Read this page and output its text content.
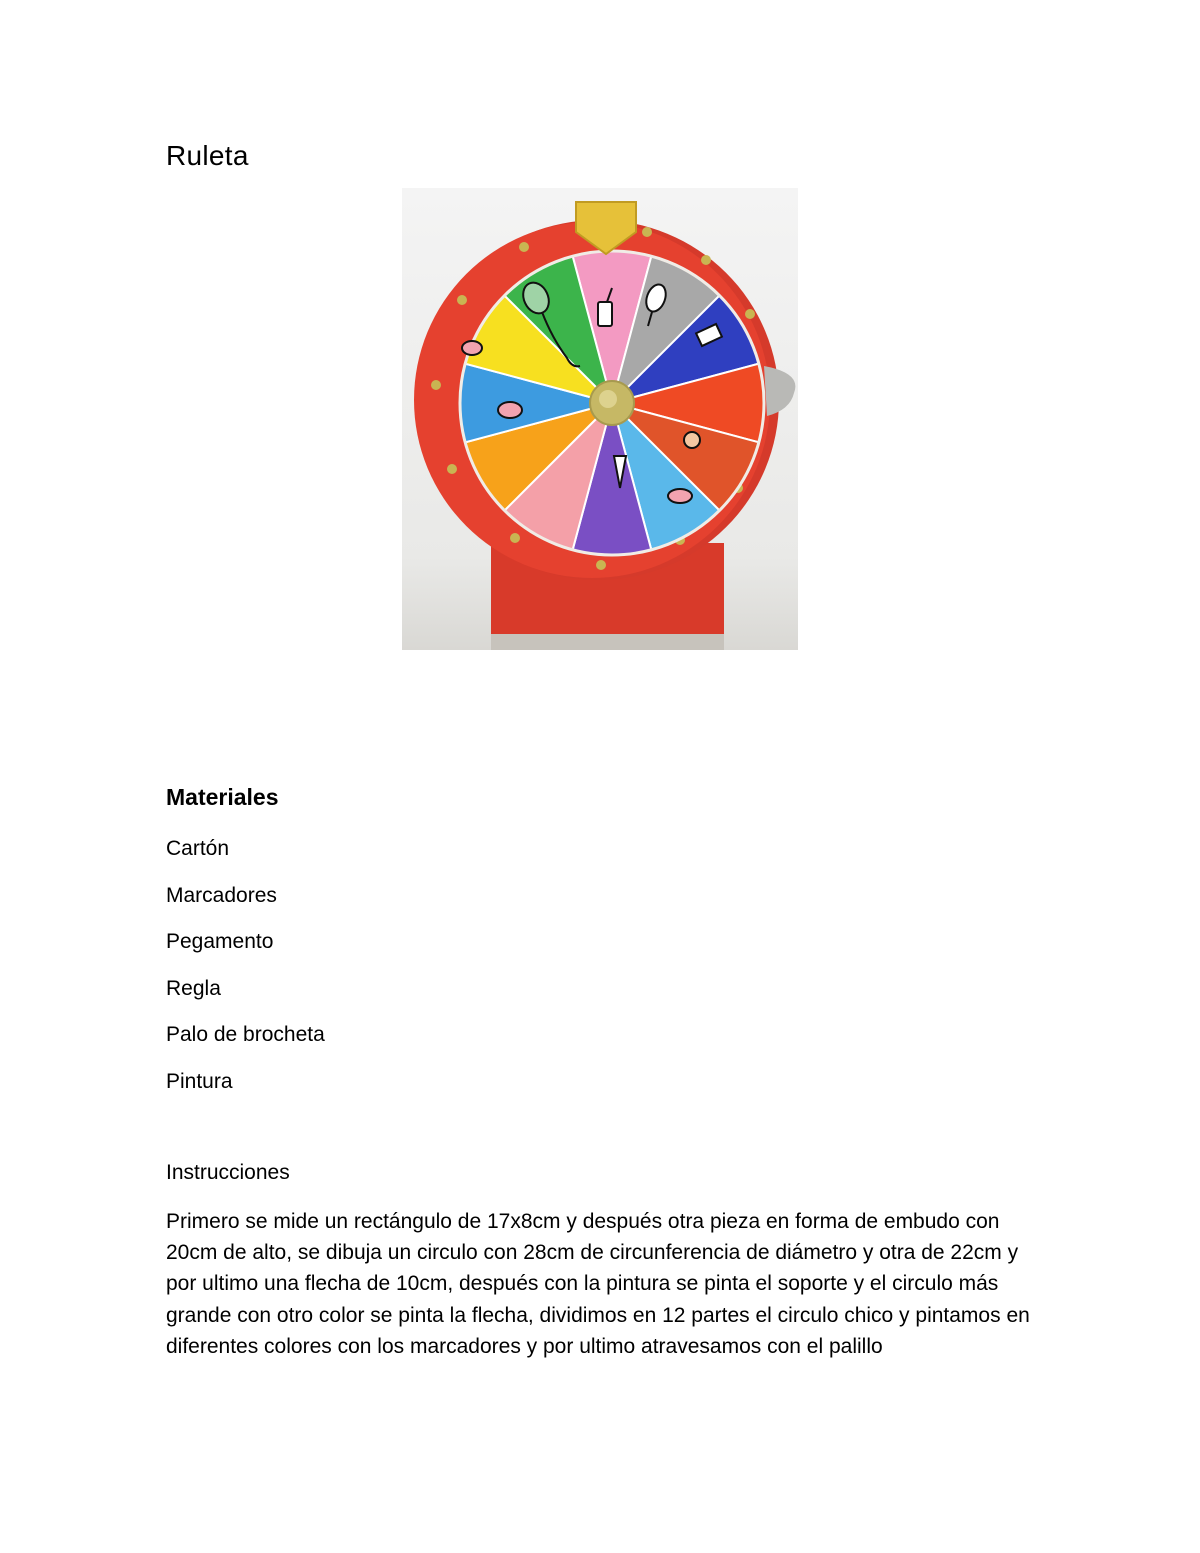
Ruleta
Materiales
Cartón
Marcadores
Pegamento
Regla
Palo de brocheta
Pintura
Instrucciones

Primero se mide un rectángulo de 17x8cm y después otra pieza en forma de embudo con 20cm de alto, se dibuja un circulo con 28cm de circunferencia de diámetro y otra de 22cm y por ultimo una flecha de 10cm, después con la pintura se pinta el soporte y el circulo más grande con otro color se pinta la flecha, dividimos en 12 partes el circulo chico y pintamos en diferentes colores con los marcadores y por ultimo atravesamos con el palillo
